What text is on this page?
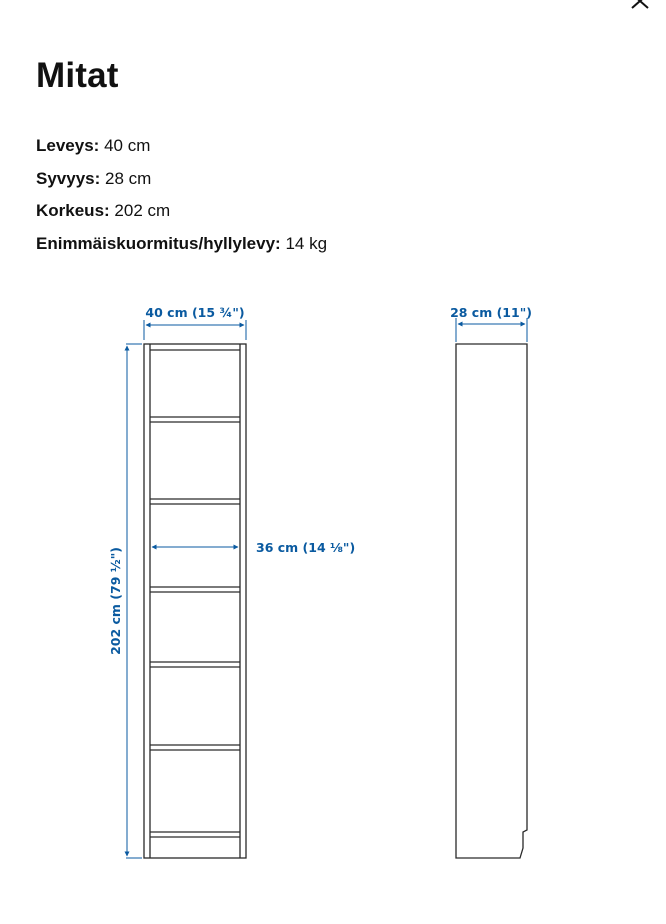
Mitat
Leveys: 40 cm
Syvyys: 28 cm
Korkeus: 202 cm
Enimmäiskuormitus/hyllylevy: 14 kg
40 cm (15 ¾")
36 cm (14 ⅛")
202 cm (79 ½")
28 cm (11")
